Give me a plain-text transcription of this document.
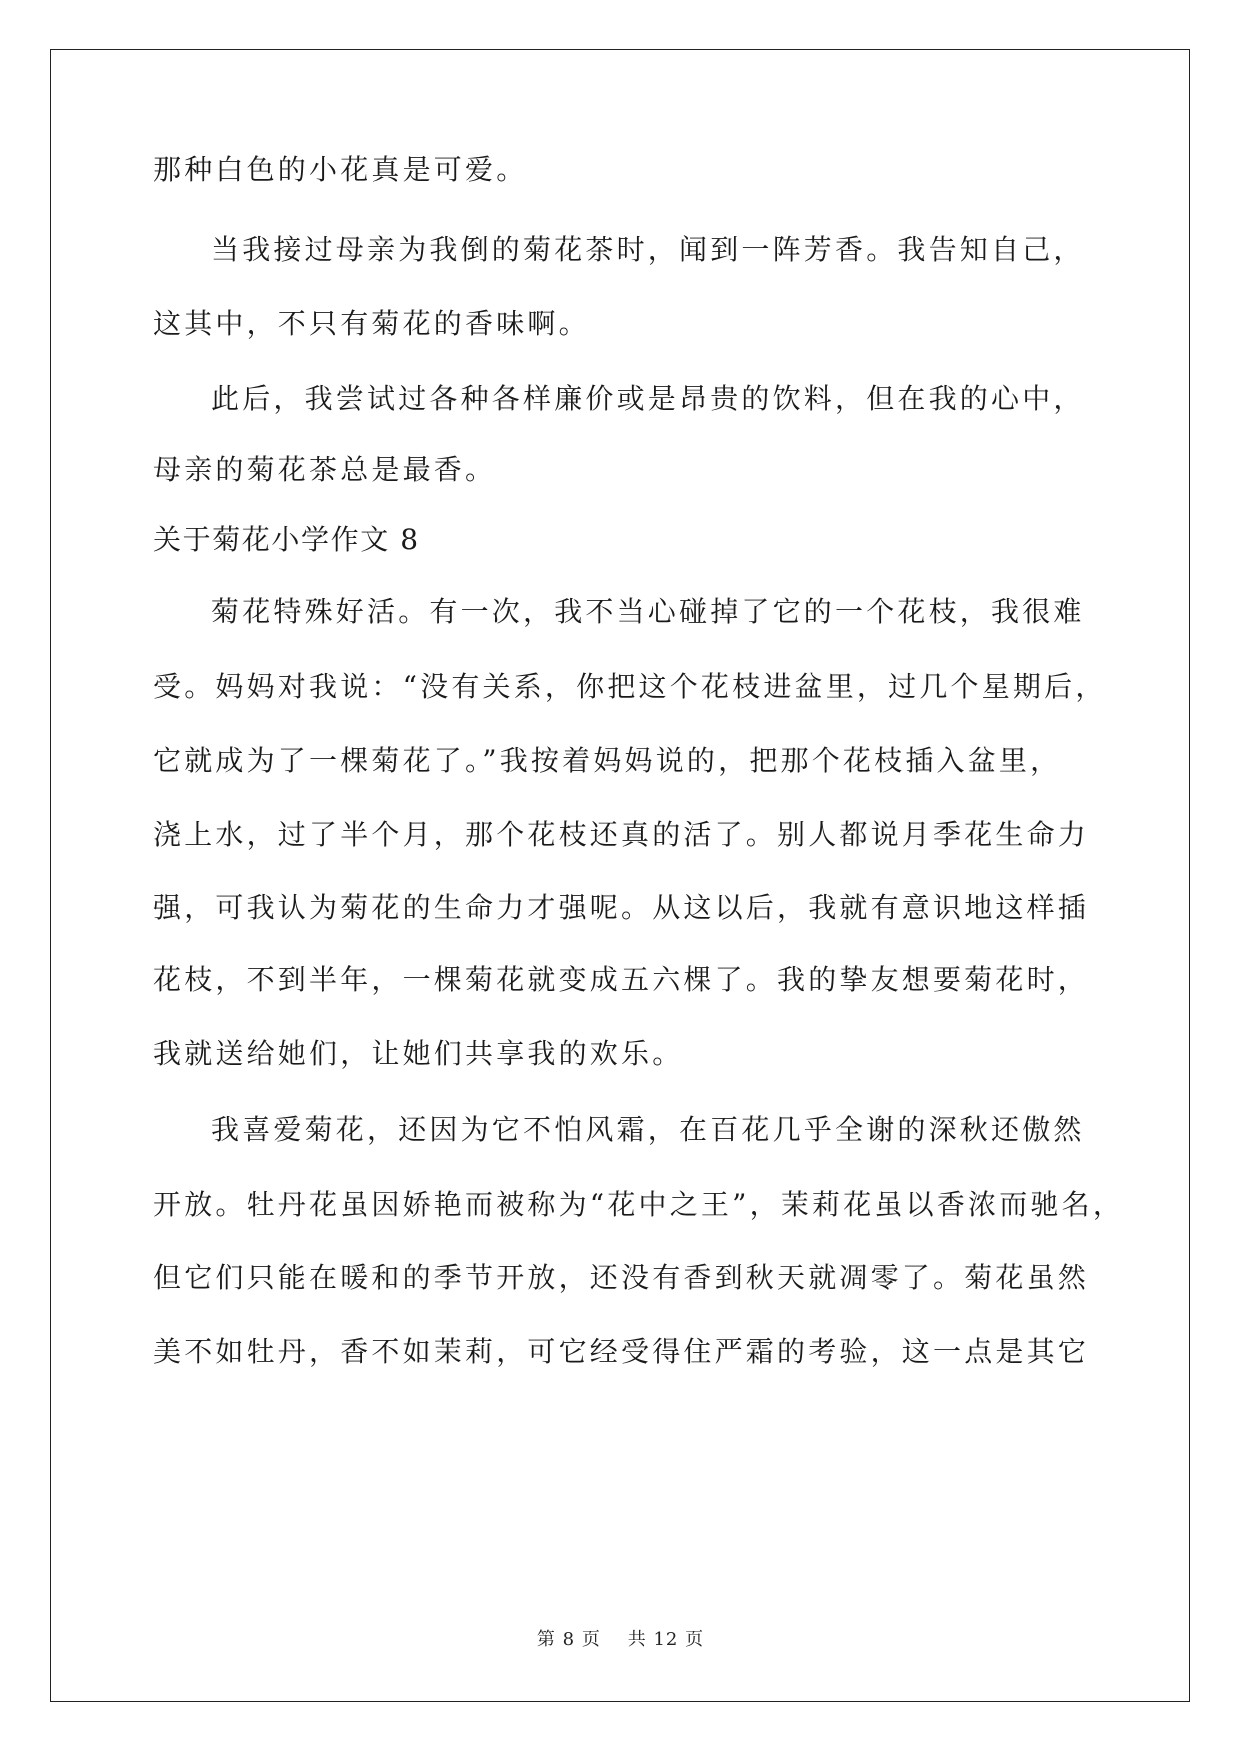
那种白色的小花真是可爱。
当我接过母亲为我倒的菊花茶时，闻到一阵芳香。我告知自己，
这其中，不只有菊花的香味啊。
此后，我尝试过各种各样廉价或是昂贵的饮料，但在我的心中，
母亲的菊花茶总是最香。
关于菊花小学作文 8
菊花特殊好活。有一次，我不当心碰掉了它的一个花枝，我很难
受。妈妈对我说：“没有关系，你把这个花枝进盆里，过几个星期后，
它就成为了一棵菊花了。”我按着妈妈说的，把那个花枝插入盆里，
浇上水，过了半个月，那个花枝还真的活了。别人都说月季花生命力
强，可我认为菊花的生命力才强呢。从这以后，我就有意识地这样插
花枝，不到半年，一棵菊花就变成五六棵了。我的挚友想要菊花时，
我就送给她们，让她们共享我的欢乐。
我喜爱菊花，还因为它不怕风霜，在百花几乎全谢的深秋还傲然
开放。牡丹花虽因娇艳而被称为“花中之王”，茉莉花虽以香浓而驰名，
但它们只能在暖和的季节开放，还没有香到秋天就凋零了。菊花虽然
美不如牡丹，香不如茉莉，可它经受得住严霜的考验，这一点是其它
第 8 页 共 12 页
